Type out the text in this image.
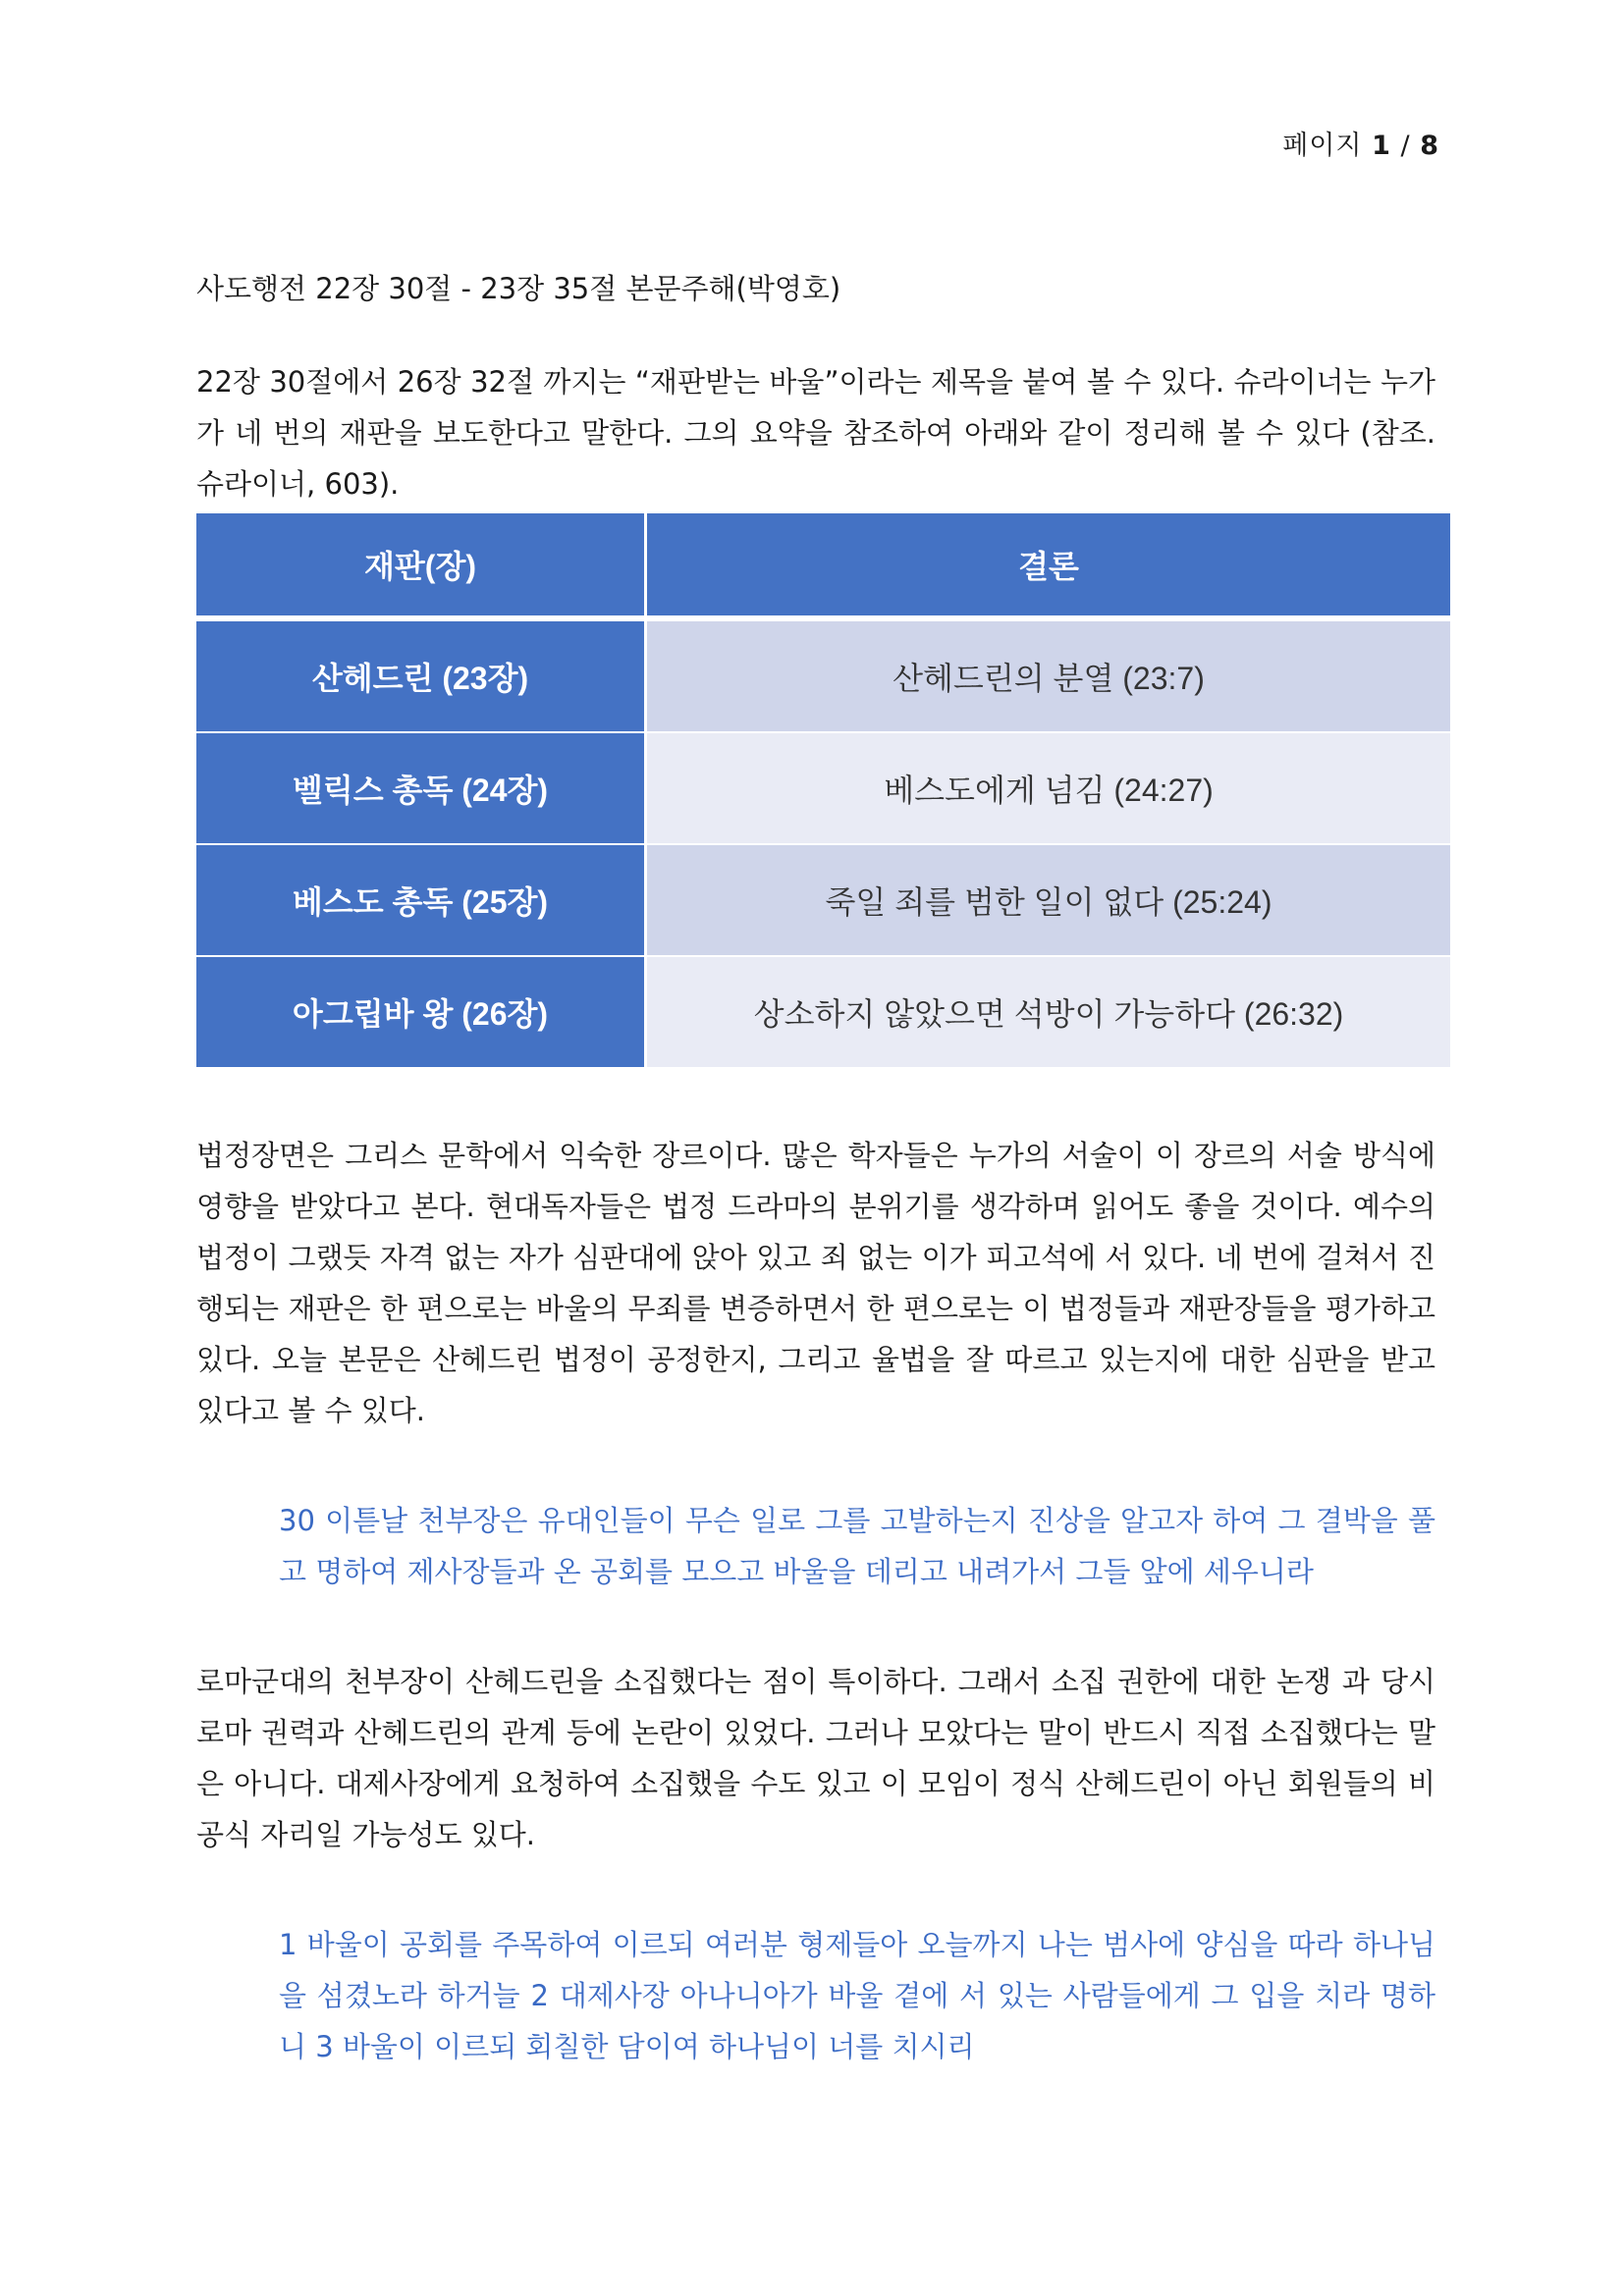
페이지 1 / 8
사도행전 22장 30절 - 23장 35절 본문주해(박영호)

22장 30절에서 26장 32절 까지는 “재판받는 바울”이라는 제목을 붙여 볼 수 있다. 슈라이너는 누가가 네 번의 재판을 보도한다고 말한다. 그의 요약을 참조하여 아래와 같이 정리해 볼 수 있다 (참조. 슈라이너, 603).

재판(장)	결론
산헤드린 (23장)	산헤드린의 분열 (23:7)
벨릭스 총독 (24장)	베스도에게 넘김 (24:27)
베스도 총독 (25장)	죽일 죄를 범한 일이 없다 (25:24)
아그립바 왕 (26장)	상소하지 않았으면 석방이 가능하다 (26:32)

법정장면은 그리스 문학에서 익숙한 장르이다. 많은 학자들은 누가의 서술이 이 장르의 서술 방식에 영향을 받았다고 본다. 현대독자들은 법정 드라마의 분위기를 생각하며 읽어도 좋을 것이다. 예수의 법정이 그랬듯 자격 없는 자가 심판대에 앉아 있고 죄 없는 이가 피고석에 서 있다. 네 번에 걸쳐서 진행되는 재판은 한 편으로는 바울의 무죄를 변증하면서 한 편으로는 이 법정들과 재판장들을 평가하고 있다. 오늘 본문은 산헤드린 법정이 공정한지, 그리고 율법을 잘 따르고 있는지에 대한 심판을 받고 있다고 볼 수 있다.

30 이튿날 천부장은 유대인들이 무슨 일로 그를 고발하는지 진상을 알고자 하여 그 결박을 풀고 명하여 제사장들과 온 공회를 모으고 바울을 데리고 내려가서 그들 앞에 세우니라

로마군대의 천부장이 산헤드린을 소집했다는 점이 특이하다. 그래서 소집 권한에 대한 논쟁 과 당시 로마 권력과 산헤드린의 관계 등에 논란이 있었다. 그러나 모았다는 말이 반드시 직접 소집했다는 말은 아니다. 대제사장에게 요청하여 소집했을 수도 있고 이 모임이 정식 산헤드린이 아닌 회원들의 비공식 자리일 가능성도 있다.

1 바울이 공회를 주목하여 이르되 여러분 형제들아 오늘까지 나는 범사에 양심을 따라 하나님을 섬겼노라 하거늘 2 대제사장 아나니아가 바울 곁에 서 있는 사람들에게 그 입을 치라 명하니 3 바울이 이르되 회칠한 담이여 하나님이 너를 치시리
